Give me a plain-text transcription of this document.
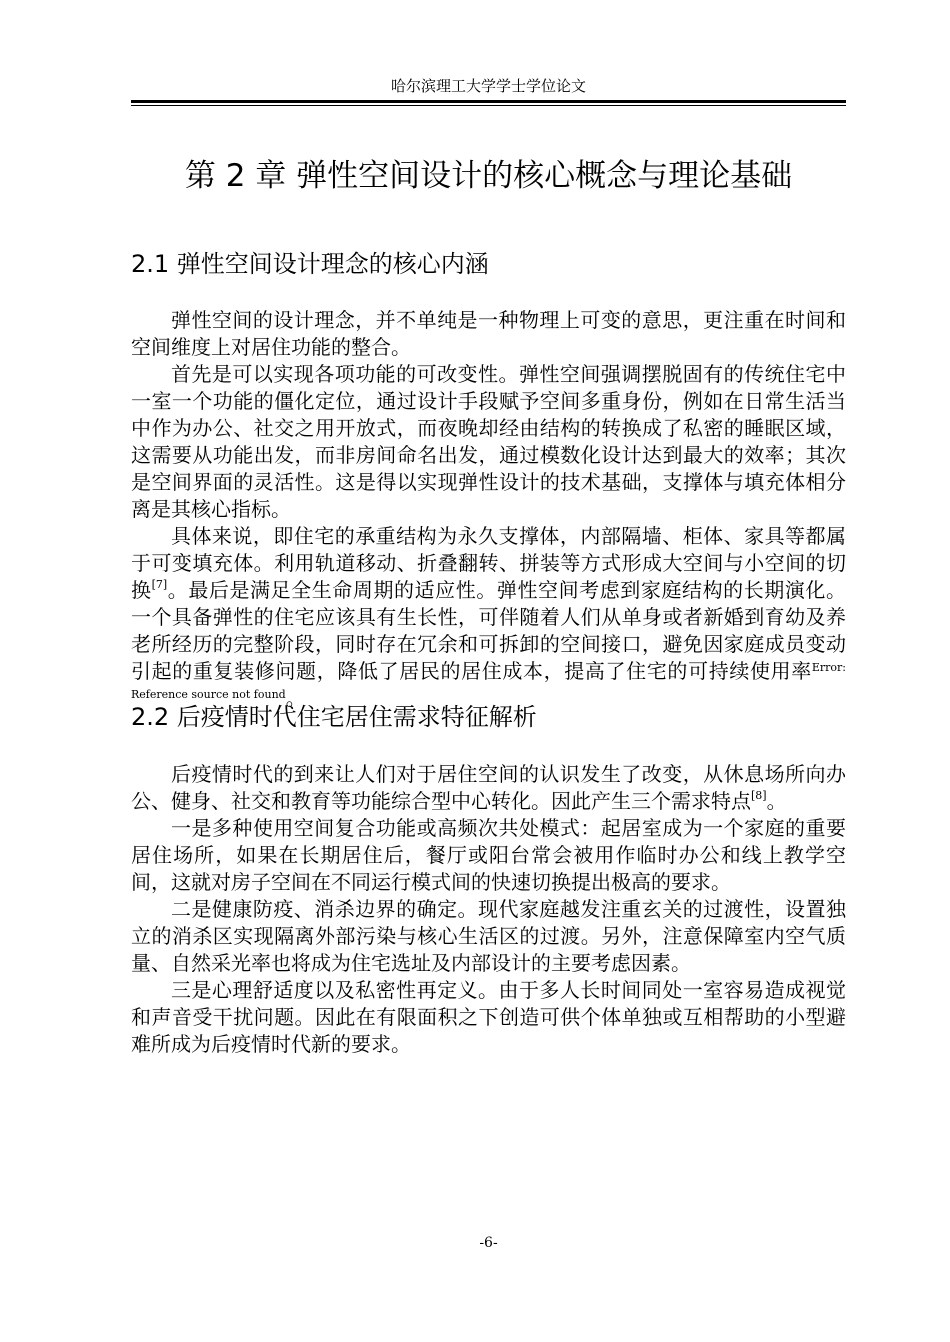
哈尔滨理工大学学士学位论文
第 2 章 弹性空间设计的核心概念与理论基础
2.1 弹性空间设计理念的核心内涵

弹性空间的设计理念，并不单纯是一种物理上可变的意思，更注重在时间和空间维度上对居住功能的整合。

首先是可以实现各项功能的可改变性。弹性空间强调摆脱固有的传统住宅中一室一个功能的僵化定位，通过设计手段赋予空间多重身份，例如在日常生活当中作为办公、社交之用开放式，而夜晚却经由结构的转换成了私密的睡眠区域，这需要从功能出发，而非房间命名出发，通过模数化设计达到最大的效率；其次是空间界面的灵活性。这是得以实现弹性设计的技术基础，支撑体与填充体相分离是其核心指标。

具体来说，即住宅的承重结构为永久支撑体，内部隔墙、柜体、家具等都属于可变填充体。利用轨道移动、折叠翻转、拼装等方式形成大空间与小空间的切换[7]。最后是满足全生命周期的适应性。弹性空间考虑到家庭结构的长期演化。一个具备弹性的住宅应该具有生长性，可伴随着人们从单身或者新婚到育幼及养老所经历的完整阶段，同时存在冗余和可拆卸的空间接口，避免因家庭成员变动引起的重复装修问题，降低了居民的居住成本，提高了住宅的可持续使用率$^{Error: Reference source not found}$。

2.2 后疫情时代住宅居住需求特征解析

后疫情时代的到来让人们对于居住空间的认识发生了改变，从休息场所向办公、健身、社交和教育等功能综合型中心转化。因此产生三个需求特点[8]。

一是多种使用空间复合功能或高频次共处模式：起居室成为一个家庭的重要居住场所，如果在长期居住后，餐厅或阳台常会被用作临时办公和线上教学空间，这就对房子空间在不同运行模式间的快速切换提出极高的要求。

二是健康防疫、消杀边界的确定。现代家庭越发注重玄关的过渡性，设置独立的消杀区实现隔离外部污染与核心生活区的过渡。另外，注意保障室内空气质量、自然采光率也将成为住宅选址及内部设计的主要考虑因素。

三是心理舒适度以及私密性再定义。由于多人长时间同处一室容易造成视觉和声音受干扰问题。因此在有限面积之下创造可供个体单独或互相帮助的小型避难所成为后疫情时代新的要求。

-6-
